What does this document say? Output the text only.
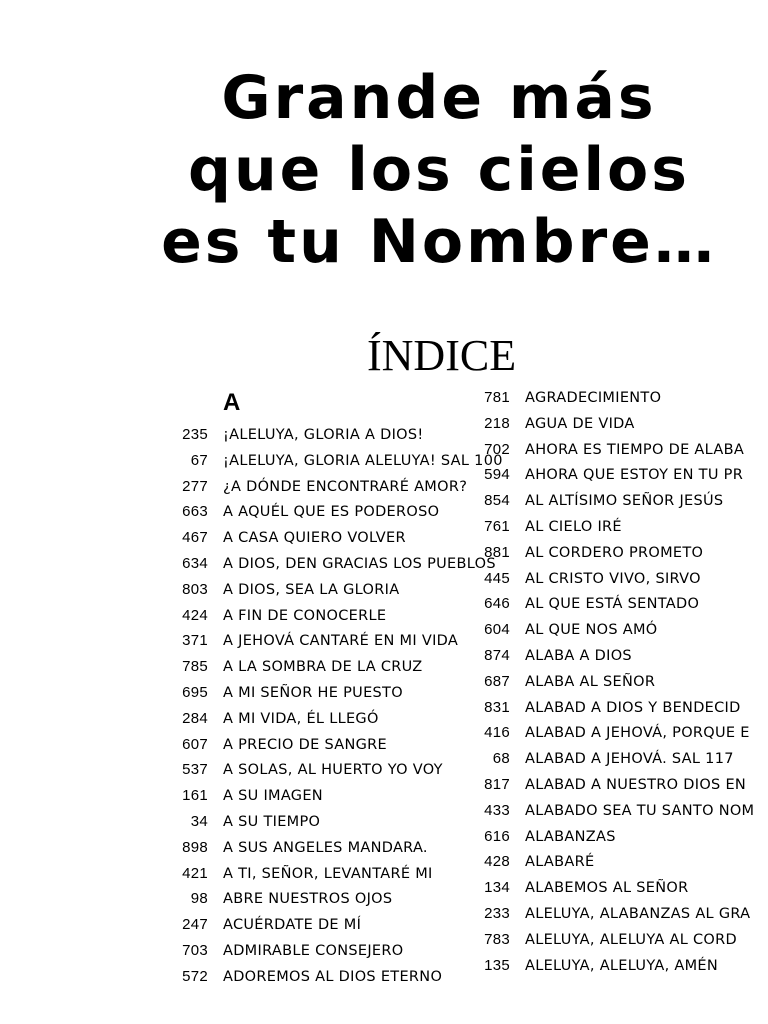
Grande más
que los cielos
es tu Nombre…
ÍNDICE
A
235 ¡ALELUYA, GLORIA A DIOS!
67 ¡ALELUYA, GLORIA ALELUYA! SAL 100
277 ¿A DÓNDE ENCONTRARÉ AMOR?
663 A AQUÉL QUE ES PODEROSO
467 A CASA QUIERO VOLVER
634 A DIOS, DEN GRACIAS LOS PUEBLOS
803 A DIOS, SEA LA GLORIA
424 A FIN DE CONOCERLE
371 A JEHOVÁ CANTARÉ EN MI VIDA
785 A LA SOMBRA DE LA CRUZ
695 A MI SEÑOR HE PUESTO
284 A MI VIDA, ÉL LLEGÓ
607 A PRECIO DE SANGRE
537 A SOLAS, AL HUERTO YO VOY
161 A SU IMAGEN
34 A SU TIEMPO
898 A SUS ANGELES MANDARA.
421 A TI, SEÑOR, LEVANTARÉ MI
98 ABRE NUESTROS OJOS
247 ACUÉRDATE DE MÍ
703 ADMIRABLE CONSEJERO
572 ADOREMOS AL DIOS ETERNO
781 AGRADECIMIENTO
218 AGUA DE VIDA
702 AHORA ES TIEMPO DE ALABA
594 AHORA QUE ESTOY EN TU PR
854 AL ALTÍSIMO SEÑOR JESÚS
761 AL CIELO IRÉ
881 AL CORDERO PROMETO
445 AL CRISTO VIVO, SIRVO
646 AL QUE ESTÁ SENTADO
604 AL QUE NOS AMÓ
874 ALABA A DIOS
687 ALABA AL SEÑOR
831 ALABAD A DIOS Y BENDECID
416 ALABAD A JEHOVÁ, PORQUE E
68 ALABAD A JEHOVÁ. SAL 117
817 ALABAD A NUESTRO DIOS EN
433 ALABADO SEA TU SANTO NOM
616 ALABANZAS
428 ALABARÉ
134 ALABEMOS AL SEÑOR
233 ALELUYA, ALABANZAS AL GRA
783 ALELUYA, ALELUYA AL CORD
135 ALELUYA, ALELUYA, AMÉN
